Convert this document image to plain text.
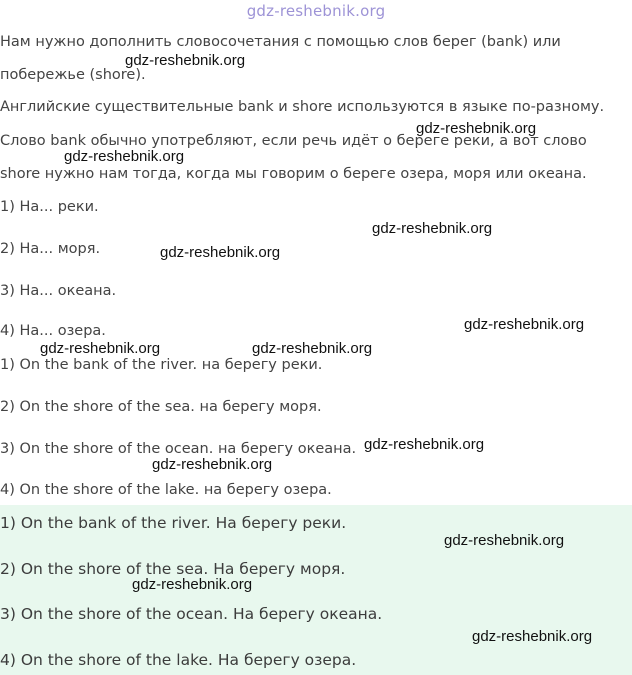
gdz-reshebnik.org
Нам нужно дополнить словосочетания с помощью слов берег (bank) или
побережье (shore).
Английские существительные bank и shore используются в языке по-разному.
Слово bank обычно употребляют, если речь идёт о береге реки, а вот слово
shore нужно нам тогда, когда мы говорим о береге озера, моря или океана.
1) На... реки.
2) На... моря.
3) На... океана.
4) На... озера.
1) On the bank of the river. на берегу реки.
2) On the shore of the sea. на берегу моря.
3) On the shore of the ocean. на берегу океана.
4) On the shore of the lake. на берегу озера.
1) On the bank of the river. На берегу реки.
2) On the shore of the sea. На берегу моря.
3) On the shore of the ocean. На берегу океана.
4) On the shore of the lake. На берегу озера.
gdz-reshebnik.org
gdz-reshebnik.org
gdz-reshebnik.org
gdz-reshebnik.org
gdz-reshebnik.org
gdz-reshebnik.org
gdz-reshebnik.org	gdz-reshebnik.org
gdz-reshebnik.org
gdz-reshebnik.org
gdz-reshebnik.org
gdz-reshebnik.org
gdz-reshebnik.org
